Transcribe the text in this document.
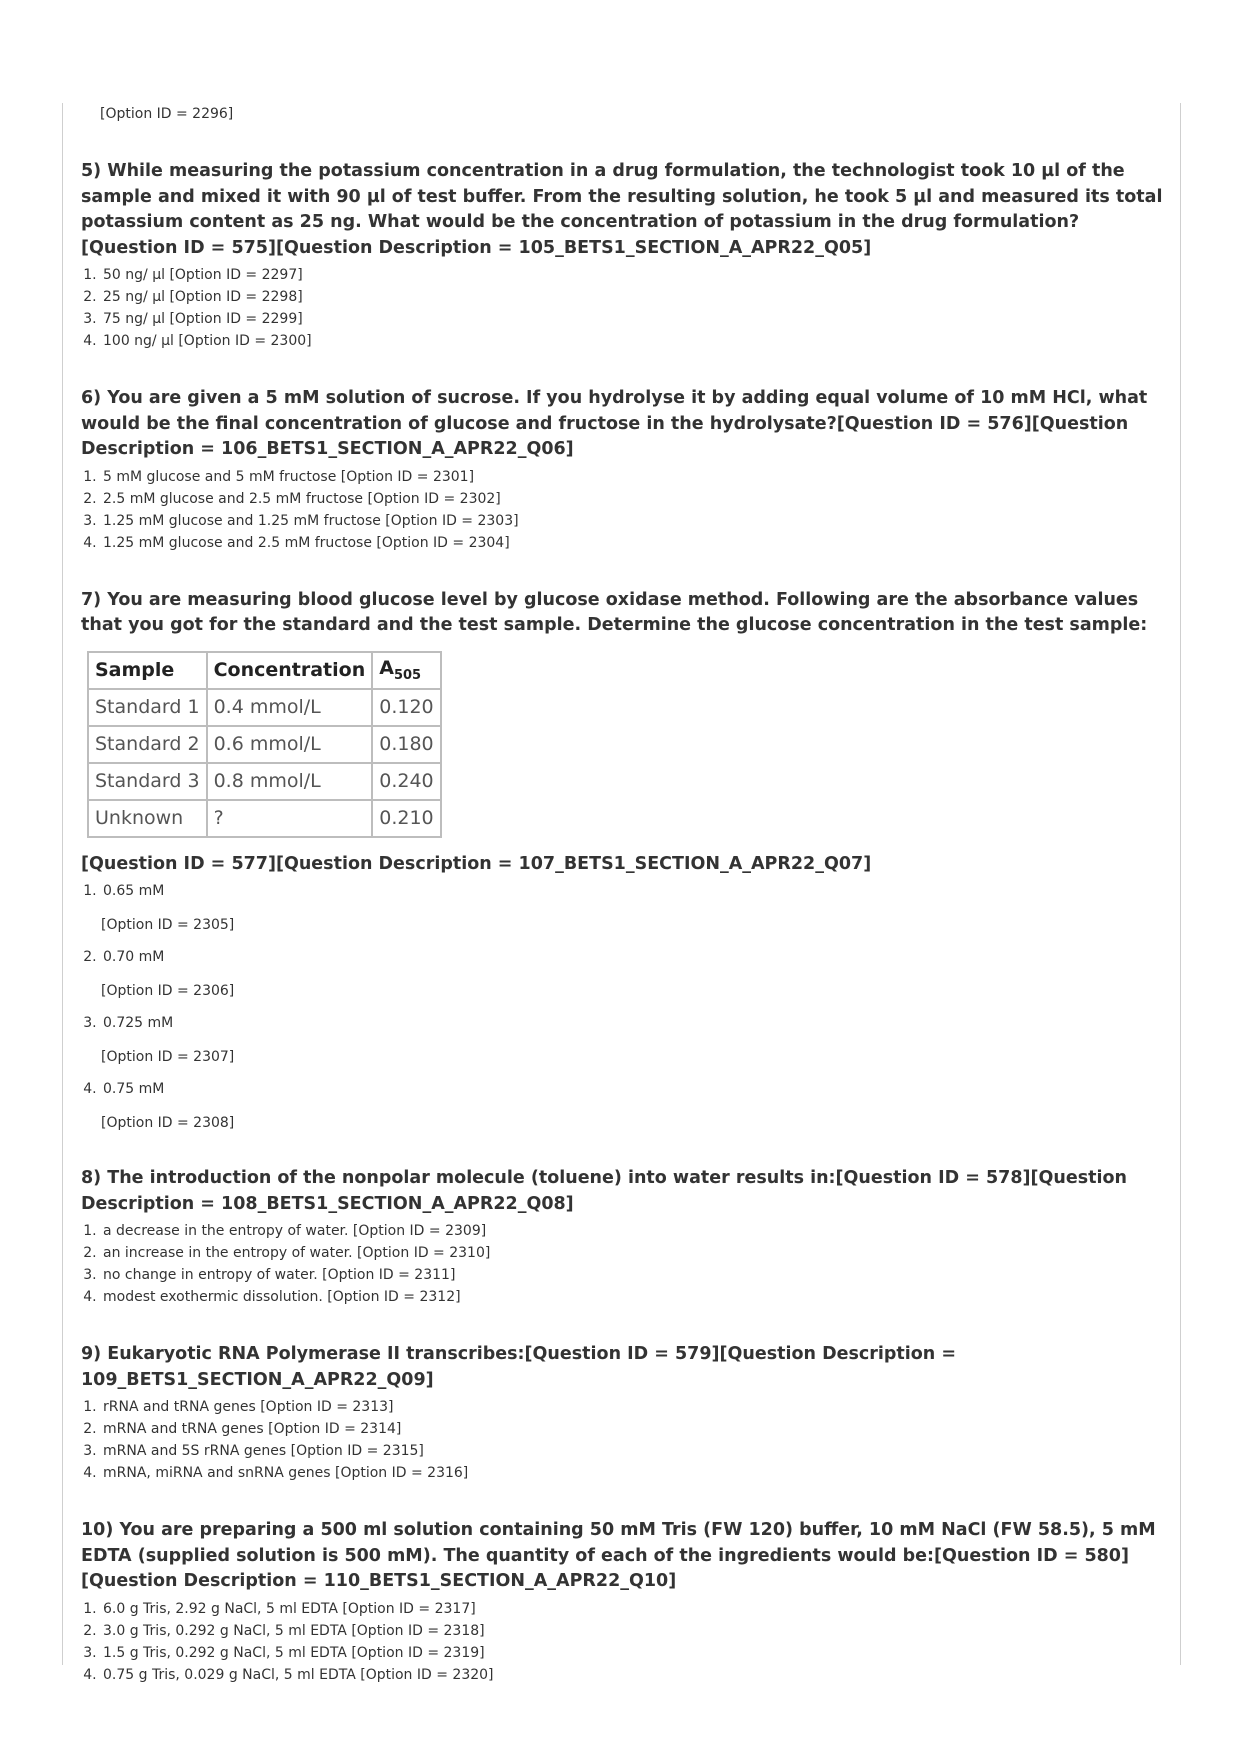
[Option ID = 2296]
5) While measuring the potassium concentration in a drug formulation, the technologist took 10 µl of the sample and mixed it with 90 µl of test buffer. From the resulting solution, he took 5 µl and measured its total potassium content as 25 ng. What would be the concentration of potassium in the drug formulation?[Question ID = 575][Question Description = 105_BETS1_SECTION_A_APR22_Q05]
1. 50 ng/ µl [Option ID = 2297]
2. 25 ng/ µl [Option ID = 2298]
3. 75 ng/ µl [Option ID = 2299]
4. 100 ng/ µl [Option ID = 2300]
6) You are given a 5 mM solution of sucrose. If you hydrolyse it by adding equal volume of 10 mM HCl, what would be the final concentration of glucose and fructose in the hydrolysate?[Question ID = 576][Question Description = 106_BETS1_SECTION_A_APR22_Q06]
1. 5 mM glucose and 5 mM fructose [Option ID = 2301]
2. 2.5 mM glucose and 2.5 mM fructose [Option ID = 2302]
3. 1.25 mM glucose and 1.25 mM fructose [Option ID = 2303]
4. 1.25 mM glucose and 2.5 mM fructose [Option ID = 2304]
7) You are measuring blood glucose level by glucose oxidase method. Following are the absorbance values that you got for the standard and the test sample. Determine the glucose concentration in the test sample:
Sample	Concentration	$A_{505}$
Standard 1	0.4 mmol/L	0.120
Standard 2	0.6 mmol/L	0.180
Standard 3	0.8 mmol/L	0.240
Unknown	?	0.210
[Question ID = 577][Question Description = 107_BETS1_SECTION_A_APR22_Q07]
1. 0.65 mM
[Option ID = 2305]
2. 0.70 mM
[Option ID = 2306]
3. 0.725 mM
[Option ID = 2307]
4. 0.75 mM
[Option ID = 2308]
8) The introduction of the nonpolar molecule (toluene) into water results in:[Question ID = 578][Question Description = 108_BETS1_SECTION_A_APR22_Q08]
1. a decrease in the entropy of water. [Option ID = 2309]
2. an increase in the entropy of water. [Option ID = 2310]
3. no change in entropy of water. [Option ID = 2311]
4. modest exothermic dissolution. [Option ID = 2312]
9) Eukaryotic RNA Polymerase II transcribes:[Question ID = 579][Question Description = 109_BETS1_SECTION_A_APR22_Q09]
1. rRNA and tRNA genes [Option ID = 2313]
2. mRNA and tRNA genes [Option ID = 2314]
3. mRNA and 5S rRNA genes [Option ID = 2315]
4. mRNA, miRNA and snRNA genes [Option ID = 2316]
10) You are preparing a 500 ml solution containing 50 mM Tris (FW 120) buffer, 10 mM NaCl (FW 58.5), 5 mM EDTA (supplied solution is 500 mM). The quantity of each of the ingredients would be:[Question ID = 580][Question Description = 110_BETS1_SECTION_A_APR22_Q10]
1. 6.0 g Tris, 2.92 g NaCl, 5 ml EDTA [Option ID = 2317]
2. 3.0 g Tris, 0.292 g NaCl, 5 ml EDTA [Option ID = 2318]
3. 1.5 g Tris, 0.292 g NaCl, 5 ml EDTA [Option ID = 2319]
4. 0.75 g Tris, 0.029 g NaCl, 5 ml EDTA [Option ID = 2320]
